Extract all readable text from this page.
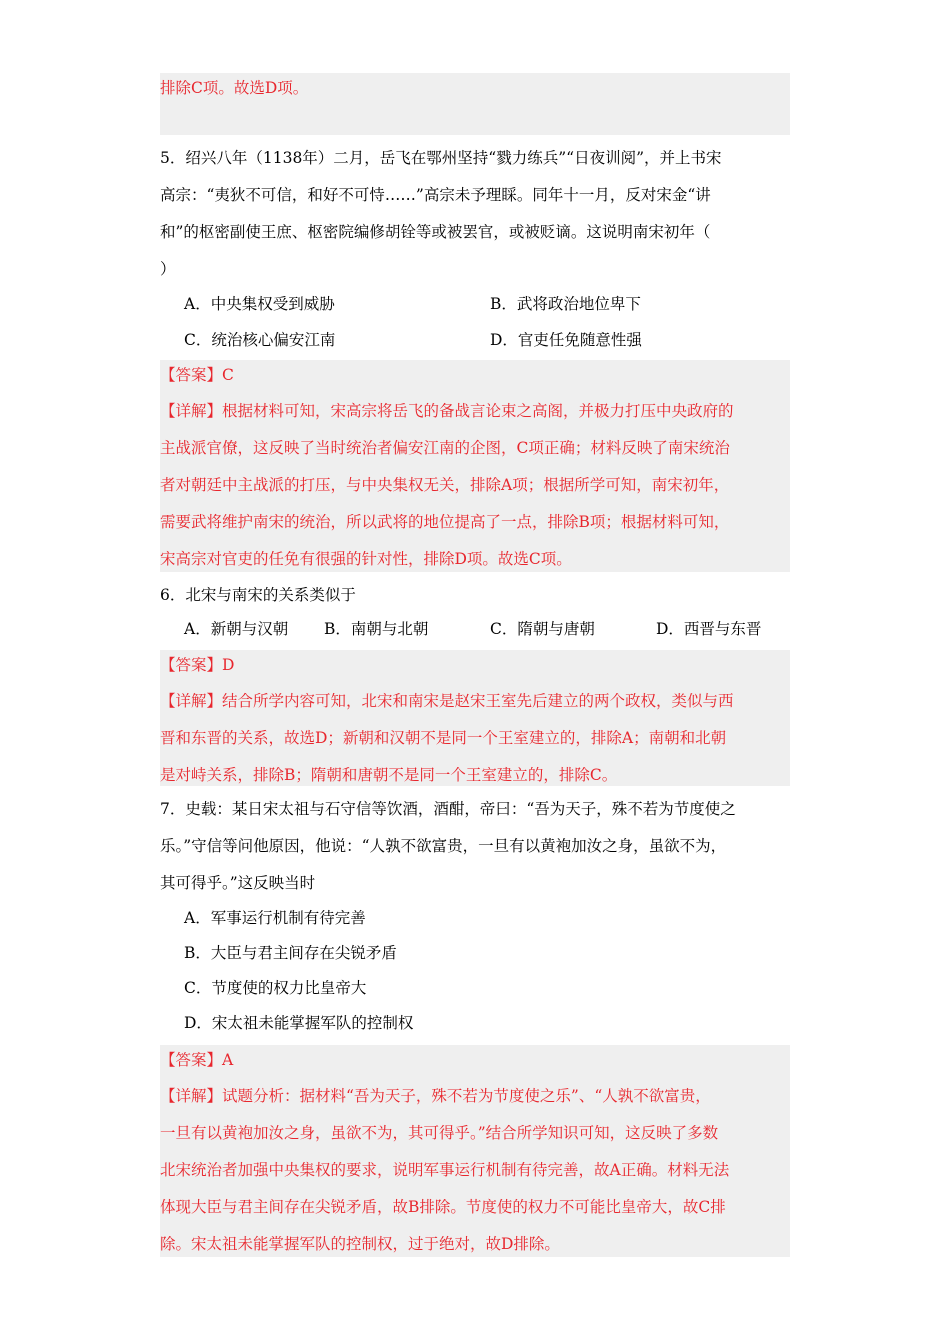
排除C项。故选D项。
5．绍兴八年（1138年）二月，岳飞在鄂州坚持“戮力练兵”“日夜训阅”，并上书宋
高宗：“夷狄不可信，和好不可恃……”高宗未予理睬。同年十一月，反对宋金“讲
和”的枢密副使王庶、枢密院编修胡铨等或被罢官，或被贬谪。这说明南宋初年（
）
A．中央集权受到威胁	B．武将政治地位卑下
C．统治核心偏安江南	D．官吏任免随意性强
【答案】C
【详解】根据材料可知，宋高宗将岳飞的备战言论束之高阁，并极力打压中央政府的
主战派官僚，这反映了当时统治者偏安江南的企图，C项正确；材料反映了南宋统治
者对朝廷中主战派的打压，与中央集权无关，排除A项；根据所学可知，南宋初年，
需要武将维护南宋的统治，所以武将的地位提高了一点，排除B项；根据材料可知，
宋高宗对官吏的任免有很强的针对性，排除D项。故选C项。
6．北宋与南宋的关系类似于
A．新朝与汉朝 B．南朝与北朝	C．隋朝与唐朝	D．西晋与东晋
【答案】D
【详解】结合所学内容可知，北宋和南宋是赵宋王室先后建立的两个政权，类似与西
晋和东晋的关系，故选D；新朝和汉朝不是同一个王室建立的，排除A；南朝和北朝
是对峙关系，排除B；隋朝和唐朝不是同一个王室建立的，排除C。
7．史载：某日宋太祖与石守信等饮酒，酒酣，帝曰：“吾为天子，殊不若为节度使之
乐。”守信等问他原因，他说：“人孰不欲富贵，一旦有以黄袍加汝之身，虽欲不为，
其可得乎。”这反映当时
A．军事运行机制有待完善
B．大臣与君主间存在尖锐矛盾
C．节度使的权力比皇帝大
D．宋太祖未能掌握军队的控制权
【答案】A
【详解】试题分析：据材料“吾为天子，殊不若为节度使之乐”、“人孰不欲富贵，
一旦有以黄袍加汝之身，虽欲不为，其可得乎。”结合所学知识可知，这反映了多数
北宋统治者加强中央集权的要求，说明军事运行机制有待完善，故A正确。材料无法
体现大臣与君主间存在尖锐矛盾，故B排除。节度使的权力不可能比皇帝大，故C排
除。宋太祖未能掌握军队的控制权，过于绝对，故D排除。
